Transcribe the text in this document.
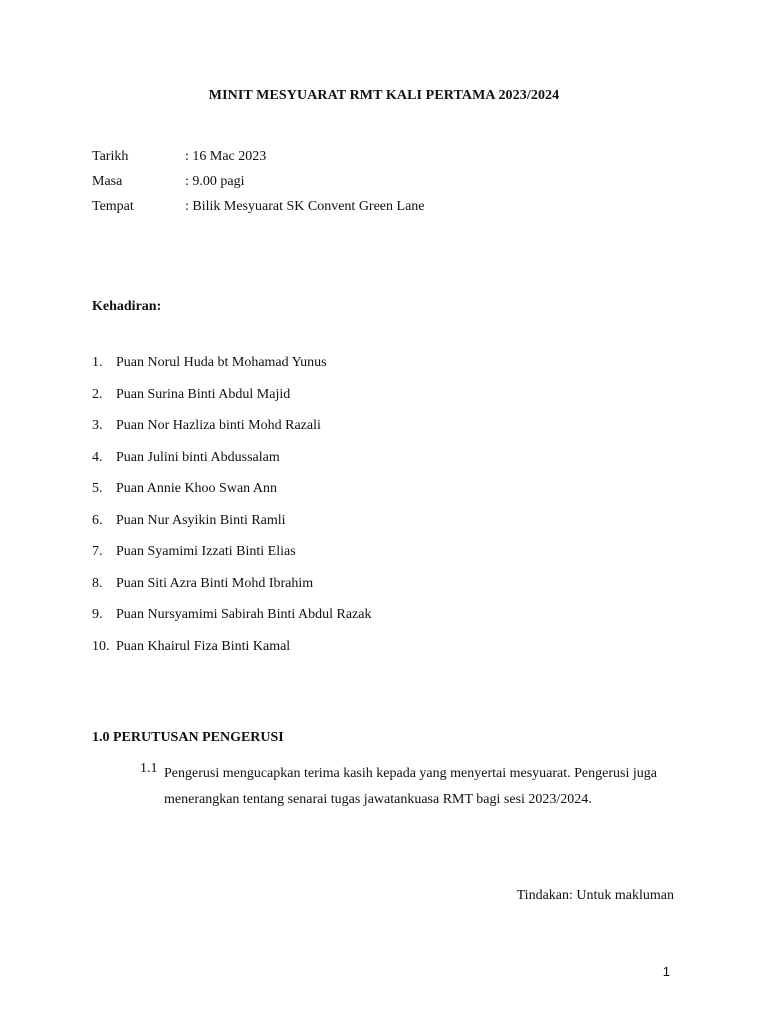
MINIT MESYUARAT RMT KALI PERTAMA 2023/2024
Tarikh	: 16 Mac 2023
Masa	: 9.00 pagi
Tempat	: Bilik Mesyuarat SK Convent Green Lane
Kehadiran:
1. Puan Norul Huda bt Mohamad Yunus
2. Puan Surina Binti Abdul Majid
3. Puan Nor Hazliza binti Mohd Razali
4. Puan Julini binti Abdussalam
5. Puan Annie Khoo Swan Ann
6. Puan Nur Asyikin Binti Ramli
7. Puan Syamimi Izzati Binti Elias
8. Puan Siti Azra Binti Mohd Ibrahim
9. Puan Nursyamimi Sabirah Binti Abdul Razak
10. Puan Khairul Fiza Binti Kamal
1.0 PERUTUSAN PENGERUSI
1.1 Pengerusi mengucapkan terima kasih kepada yang menyertai mesyuarat. Pengerusi juga menerangkan tentang senarai tugas jawatankuasa RMT bagi sesi 2023/2024.
Tindakan: Untuk makluman
1
